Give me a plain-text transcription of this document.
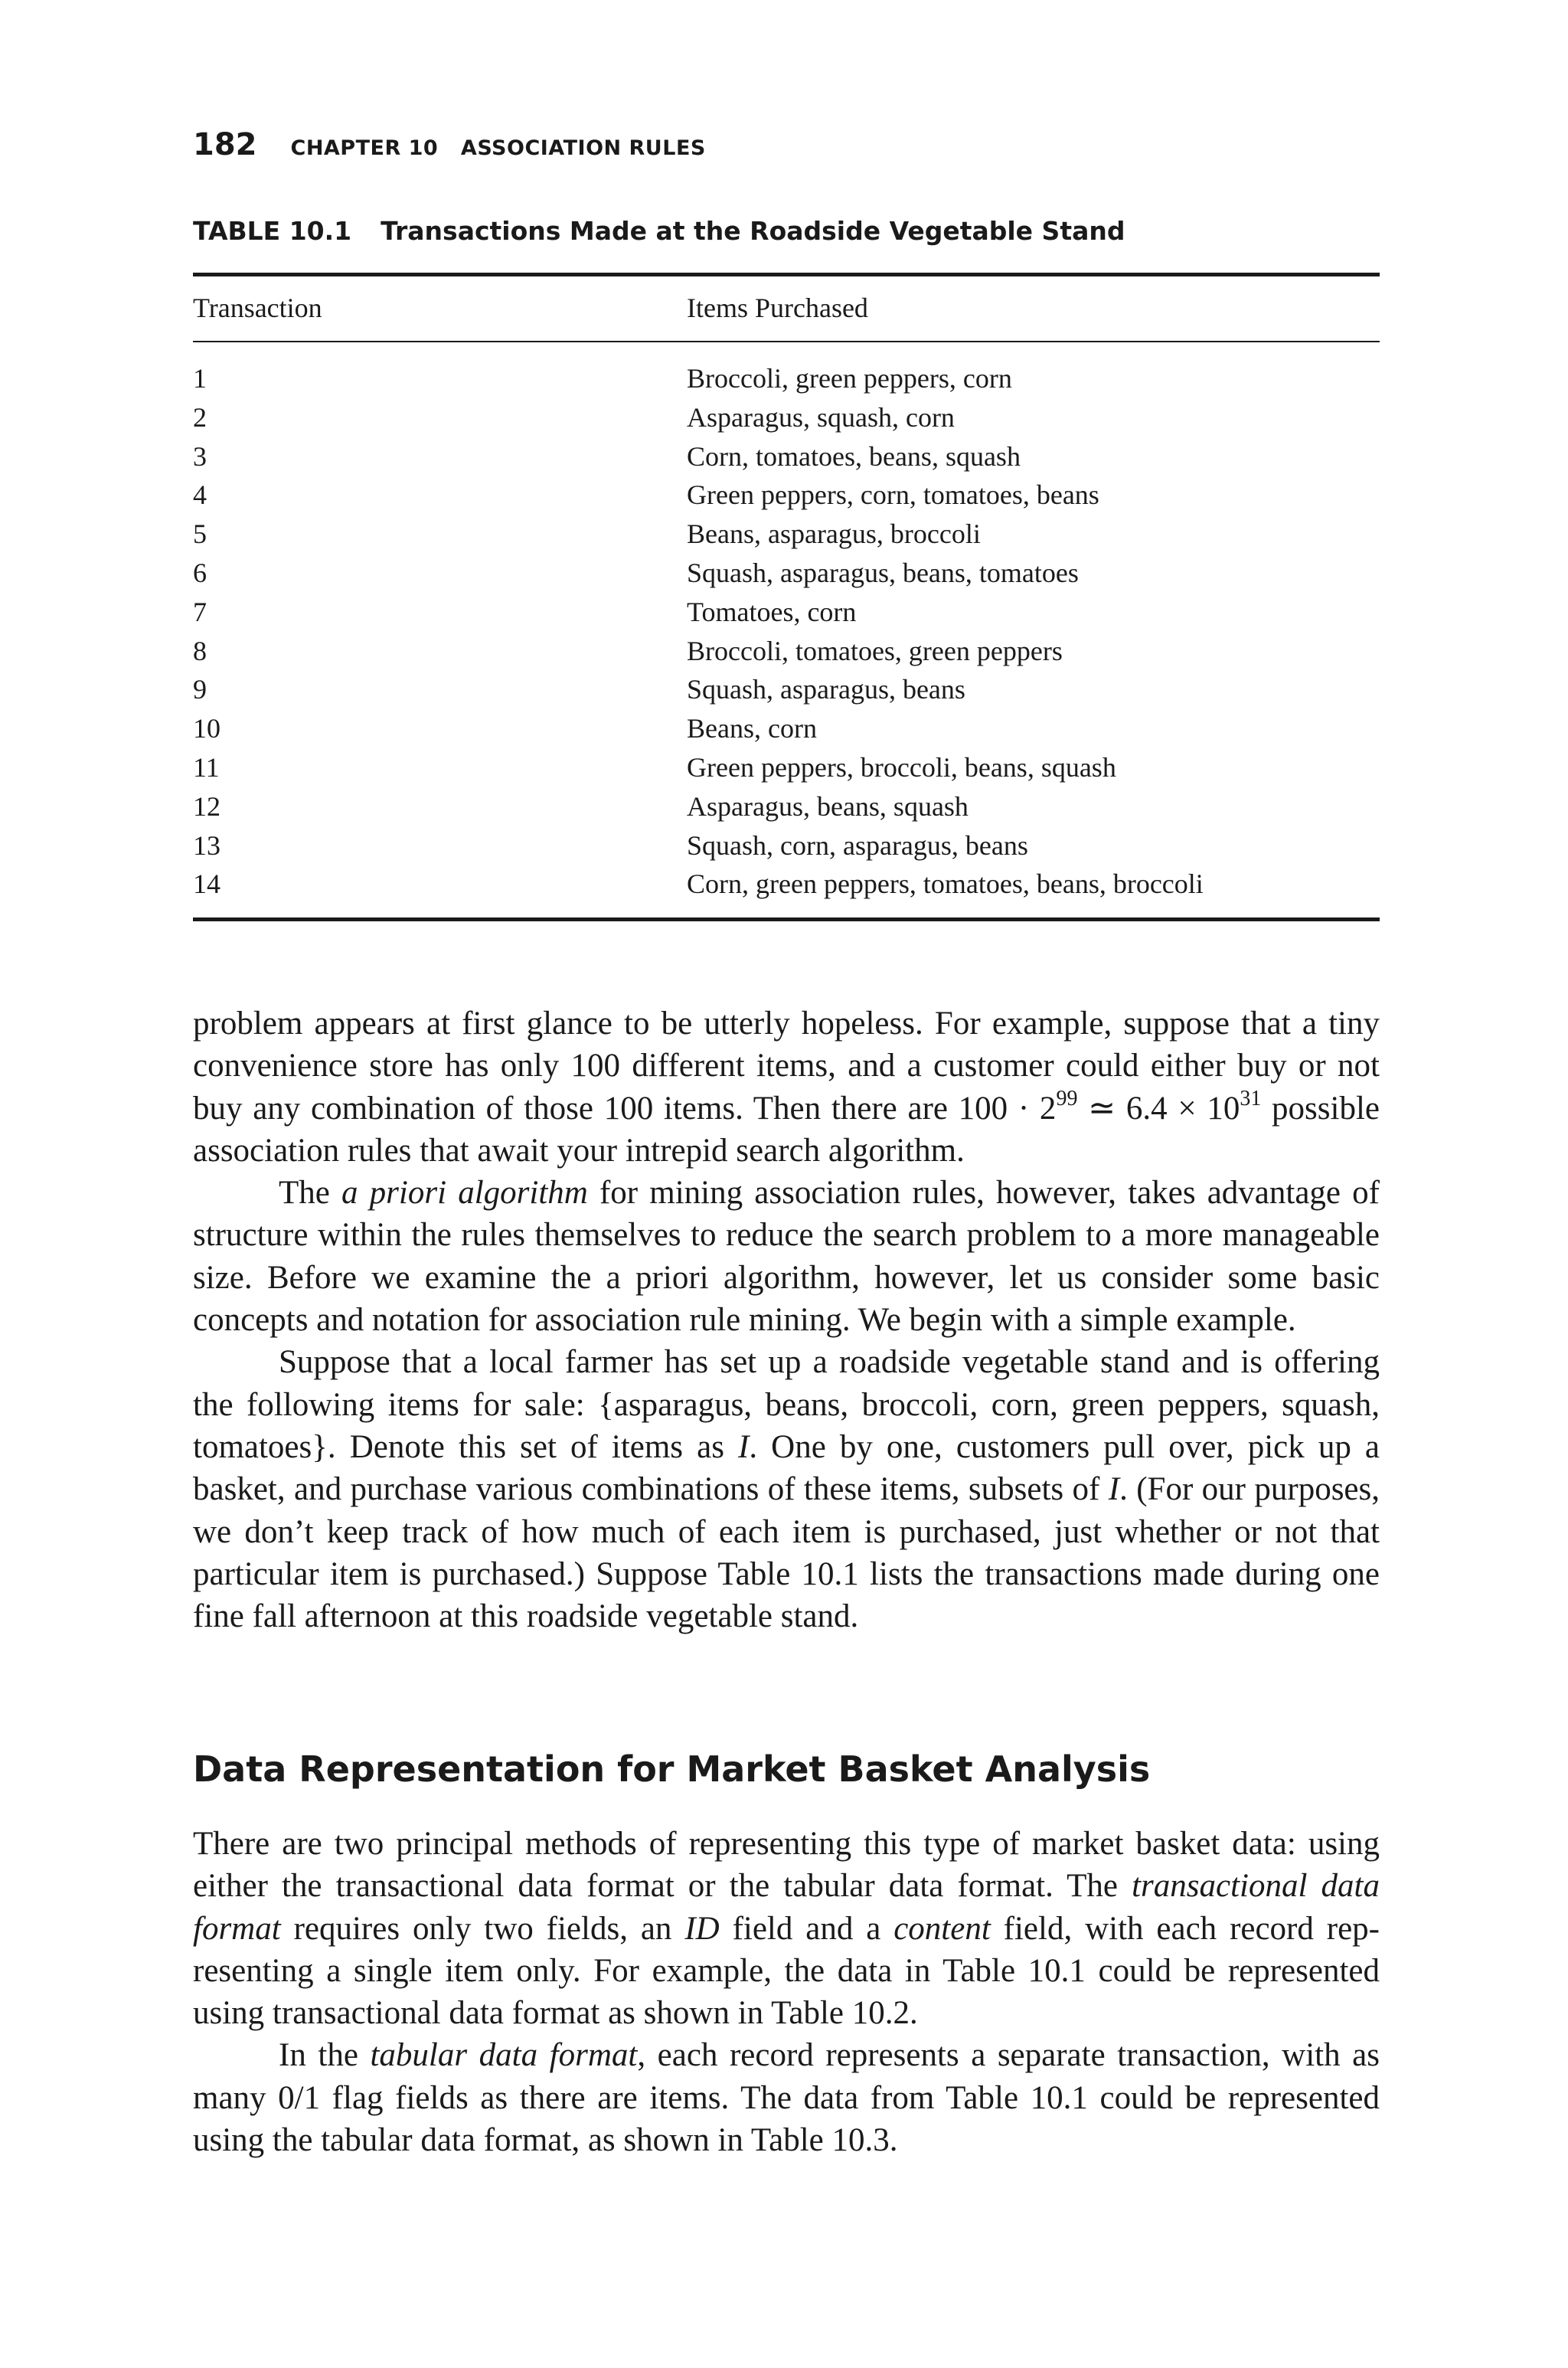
182 CHAPTER 10   ASSOCIATION RULES
TABLE 10.1 Transactions Made at the Roadside Vegetable Stand
Transaction	Items Purchased
1	Broccoli, green peppers, corn
2	Asparagus, squash, corn
3	Corn, tomatoes, beans, squash
4	Green peppers, corn, tomatoes, beans
5	Beans, asparagus, broccoli
6	Squash, asparagus, beans, tomatoes
7	Tomatoes, corn
8	Broccoli, tomatoes, green peppers
9	Squash, asparagus, beans
10	Beans, corn
11	Green peppers, broccoli, beans, squash
12	Asparagus, beans, squash
13	Squash, corn, asparagus, beans
14	Corn, green peppers, tomatoes, beans, broccoli

problem appears at first glance to be utterly hopeless. For example, suppose that a tiny convenience store has only 100 different items, and a customer could either buy or not buy any combination of those 100 items. Then there are $100 \cdot 2^{99}$ ≃ $6.4 \times 10^{31}$ possible association rules that await your intrepid search algorithm.

The a priori algorithm for mining association rules, however, takes advantage of structure within the rules themselves to reduce the search problem to a more manageable size. Before we examine the a priori algorithm, however, let us consider some basic concepts and notation for association rule mining. We begin with a simple example.

Suppose that a local farmer has set up a roadside vegetable stand and is offering the following items for sale: {asparagus, beans, broccoli, corn, green peppers, squash, tomatoes}. Denote this set of items as I. One by one, customers pull over, pick up a basket, and purchase various combinations of these items, subsets of I. (For our purposes, we don’t keep track of how much of each item is purchased, just whether or not that particular item is purchased.) Suppose Table 10.1 lists the transactions made during one fine fall afternoon at this roadside vegetable stand.

Data Representation for Market Basket Analysis

There are two principal methods of representing this type of market basket data: using either the transactional data format or the tabular data format. The transactional data format requires only two fields, an ID field and a content field, with each record representing a single item only. For example, the data in Table 10.1 could be represented using transactional data format as shown in Table 10.2.

In the tabular data format, each record represents a separate transaction, with as many 0/1 flag fields as there are items. The data from Table 10.1 could be represented using the tabular data format, as shown in Table 10.3.
